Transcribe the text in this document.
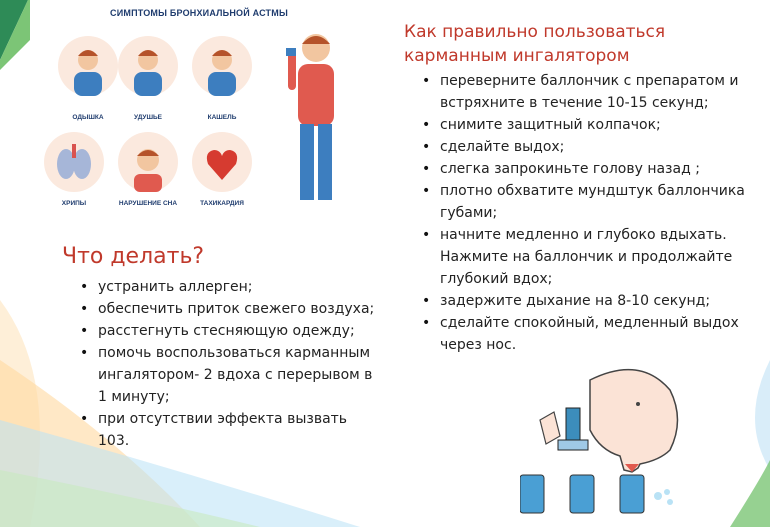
СИМПТОМЫ БРОНХИАЛЬНОЙ АСТМЫ
ОДЫШКА	УДУШЬЕ	КАШЕЛЬ
ХРИПЫ	НАРУШЕНИЕ СНА	ТАХИКАРДИЯ
Как правильно пользоваться карманным ингалятором
• переверните баллончик с препаратом и встряхните в течение 10-15 секунд;
• снимите защитный колпачок;
• сделайте выдох;
• слегка запрокиньте голову назад ;
• плотно обхватите мундштук баллончика губами;
• начните медленно и глубоко вдыхать. Нажмите на баллончик и продолжайте глубокий вдох;
• задержите дыхание на 8-10 секунд;
• сделайте спокойный, медленный выдох через нос.
Что делать?
• устранить аллерген;
• обеспечить приток свежего воздуха;
• расстегнуть стесняющую одежду;
• помочь воспользоваться карманным ингалятором- 2 вдоха с перерывом в 1 минуту;
• при отсутствии эффекта вызвать 103.
